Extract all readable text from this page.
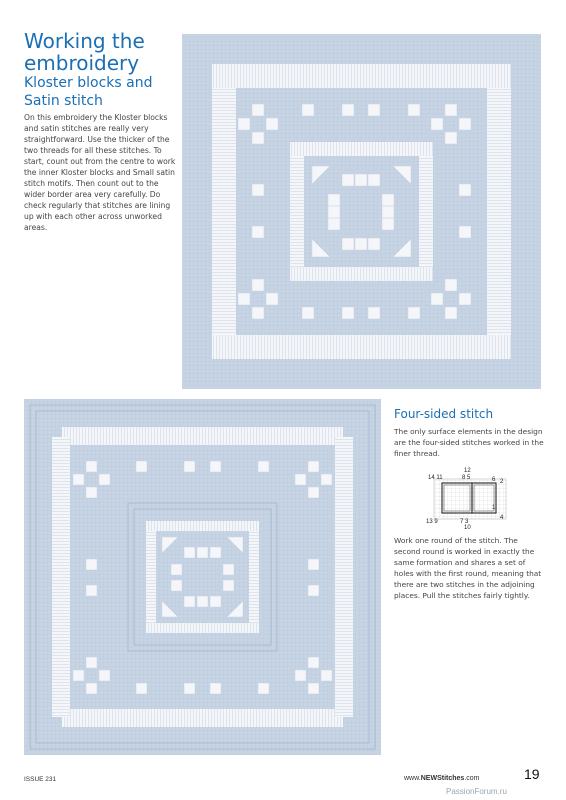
Working the embroidery
Kloster blocks and Satin stitch

On this embroidery the Kloster blocks and satin stitches are really very straightforward. Use the thicker of the two threads for all these stitches. To start, count out from the centre to work the inner Kloster blocks and Small satin stitch motifs. Then count out to the wider border area very carefully. Do check regularly that stitches are lining up with each other across unworked areas.

Four-sided stitch

The only surface elements in the design are the four-sided stitches worked in the finer thread.

14 11
12
8 5
2
6
1
4
13 9	7 3
10

Work one round of the stitch. The second round is worked in exactly the same formation and shares a set of holes with the first round, meaning that there are two stitches in the adjoining places. Pull the stitches fairly tightly.

ISSUE 231	www.NEWStitches.com	19
PassionForum.ru
